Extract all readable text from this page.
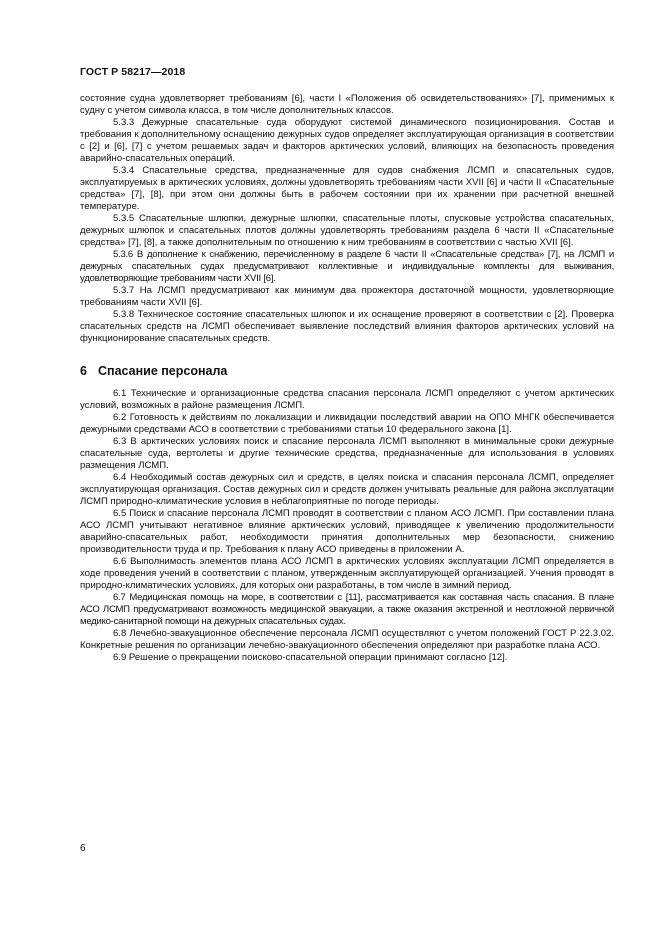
ГОСТ Р 58217—2018

состояние судна удовлетворяет требованиям [6], части I «Положения об освидетельствованиях» [7], применимых к судну с учетом символа класса, в том числе дополнительных классов.

5.3.3 Дежурные спасательные суда оборудуют системой динамического позиционирования. Состав и требования к дополнительному оснащению дежурных судов определяет эксплуатирующая организация в соответствии с [2] и [6], [7] с учетом решаемых задач и факторов арктических условий, влияющих на безопасность проведения аварийно-спасательных операций.

5.3.4 Спасательные средства, предназначенные для судов снабжения ЛСМП и спасательных судов, эксплуатируемых в арктических условиях, должны удовлетворять требованиям части XVII [6] и части II «Спасательные средства» [7], [8], при этом они должны быть в рабочем состоянии при их хранении при расчетной внешней температуре.

5.3.5 Спасательные шлюпки, дежурные шлюпки, спасательные плоты, спусковые устройства спасательных, дежурных шлюпок и спасательных плотов должны удовлетворять требованиям раздела 6 части II «Спасательные средства» [7], [8], а также дополнительным по отношению к ним требованиям в соответствии с частью XVII [6].

5.3.6 В дополнение к снабжению, перечисленному в разделе 6 части II «Спасательные средства» [7], на ЛСМП и дежурных спасательных судах предусматривают коллективные и индивидуальные комплекты для выживания, удовлетворяющие требованиям части XVII [6].

5.3.7 На ЛСМП предусматривают как минимум два прожектора достаточной мощности, удовлетворяющие требованиям части XVII [6].

5.3.8 Техническое состояние спасательных шлюпок и их оснащение проверяют в соответствии с [2]. Проверка спасательных средств на ЛСМП обеспечивает выявление последствий влияния факторов арктических условий на функционирование спасательных средств.

6 Спасание персонала

6.1 Технические и организационные средства спасания персонала ЛСМП определяют с учетом арктических условий, возможных в районе размещения ЛСМП.

6.2 Готовность к действиям по локализации и ликвидации последствий аварии на ОПО МНГК обеспечивается дежурными средствами АСО в соответствии с требованиями статьи 10 федерального закона [1].

6.3 В арктических условиях поиск и спасание персонала ЛСМП выполняют в минимальные сроки дежурные спасательные суда, вертолеты и другие технические средства, предназначенные для использования в условиях размещения ЛСМП.

6.4 Необходимый состав дежурных сил и средств, в целях поиска и спасания персонала ЛСМП, определяет эксплуатирующая организация. Состав дежурных сил и средств должен учитывать реальные для района эксплуатации ЛСМП природно-климатические условия в неблагоприятные по погоде периоды.

6.5 Поиск и спасание персонала ЛСМП проводят в соответствии с планом АСО ЛСМП. При составлении плана АСО ЛСМП учитывают негативное влияние арктических условий, приводящее к увеличению продолжительности аварийно-спасательных работ, необходимости принятия дополнительных мер безопасности, снижению производительности труда и пр. Требования к плану АСО приведены в приложении А.

6.6 Выполнимость элементов плана АСО ЛСМП в арктических условиях эксплуатации ЛСМП определяется в ходе проведения учений в соответствии с планом, утвержденным эксплуатирующей организацией. Учения проводят в природно-климатических условиях, для которых они разработаны, в том числе в зимний период.

6.7 Медицинская помощь на море, в соответствии с [11], рассматривается как составная часть спасания. В плане АСО ЛСМП предусматривают возможность медицинской эвакуации, а также оказания экстренной и неотложной первичной медико-санитарной помощи на дежурных спасательных судах.

6.8 Лечебно-эвакуационное обеспечение персонала ЛСМП осуществляют с учетом положений ГОСТ Р 22.3.02. Конкретные решения по организации лечебно-эвакуационного обеспечения определяют при разработке плана АСО.

6.9 Решение о прекращении поисково-спасательной операции принимают согласно [12].

6
